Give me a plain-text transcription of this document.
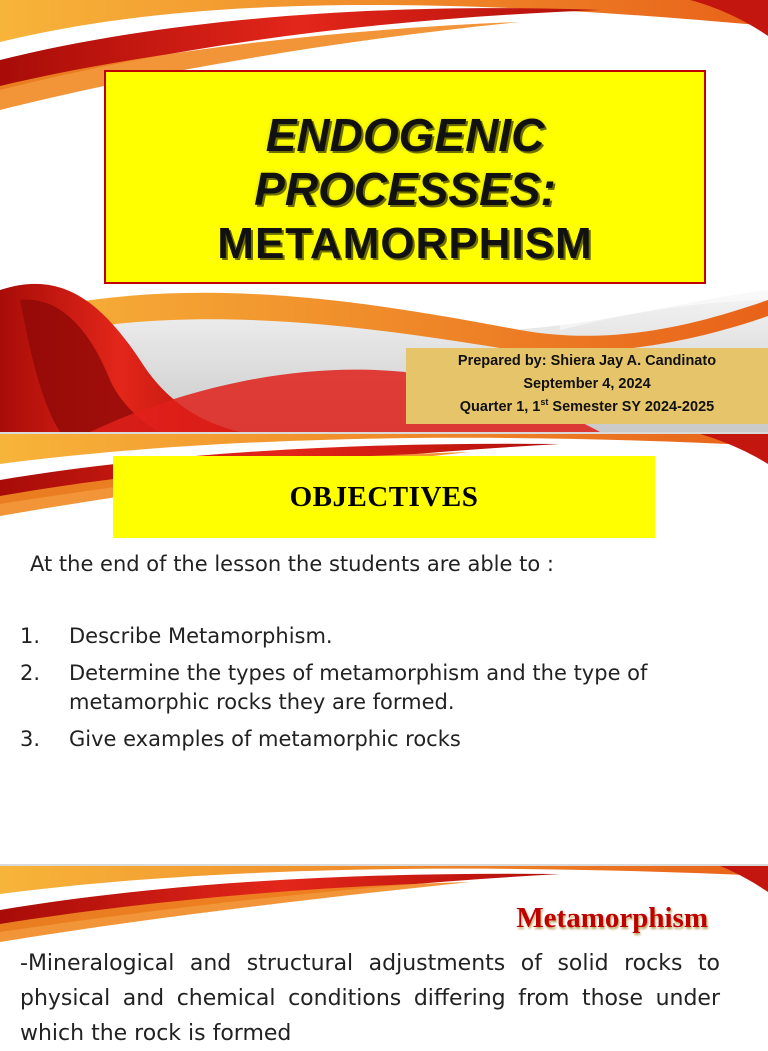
ENDOGENIC
PROCESSES:
METAMORPHISM
Prepared by: Shiera Jay A. Candinato
September 4, 2024
Quarter 1, 1st Semester SY 2024-2025
OBJECTIVES
At the end of the lesson the students are able to :
1.	Describe Metamorphism.
2.	Determine the types of metamorphism and the type of metamorphic rocks they are formed.
3.	Give examples of metamorphic rocks
Metamorphism
-Mineralogical and structural adjustments of solid rocks to physical and chemical conditions differing from those under which the rock is formed
